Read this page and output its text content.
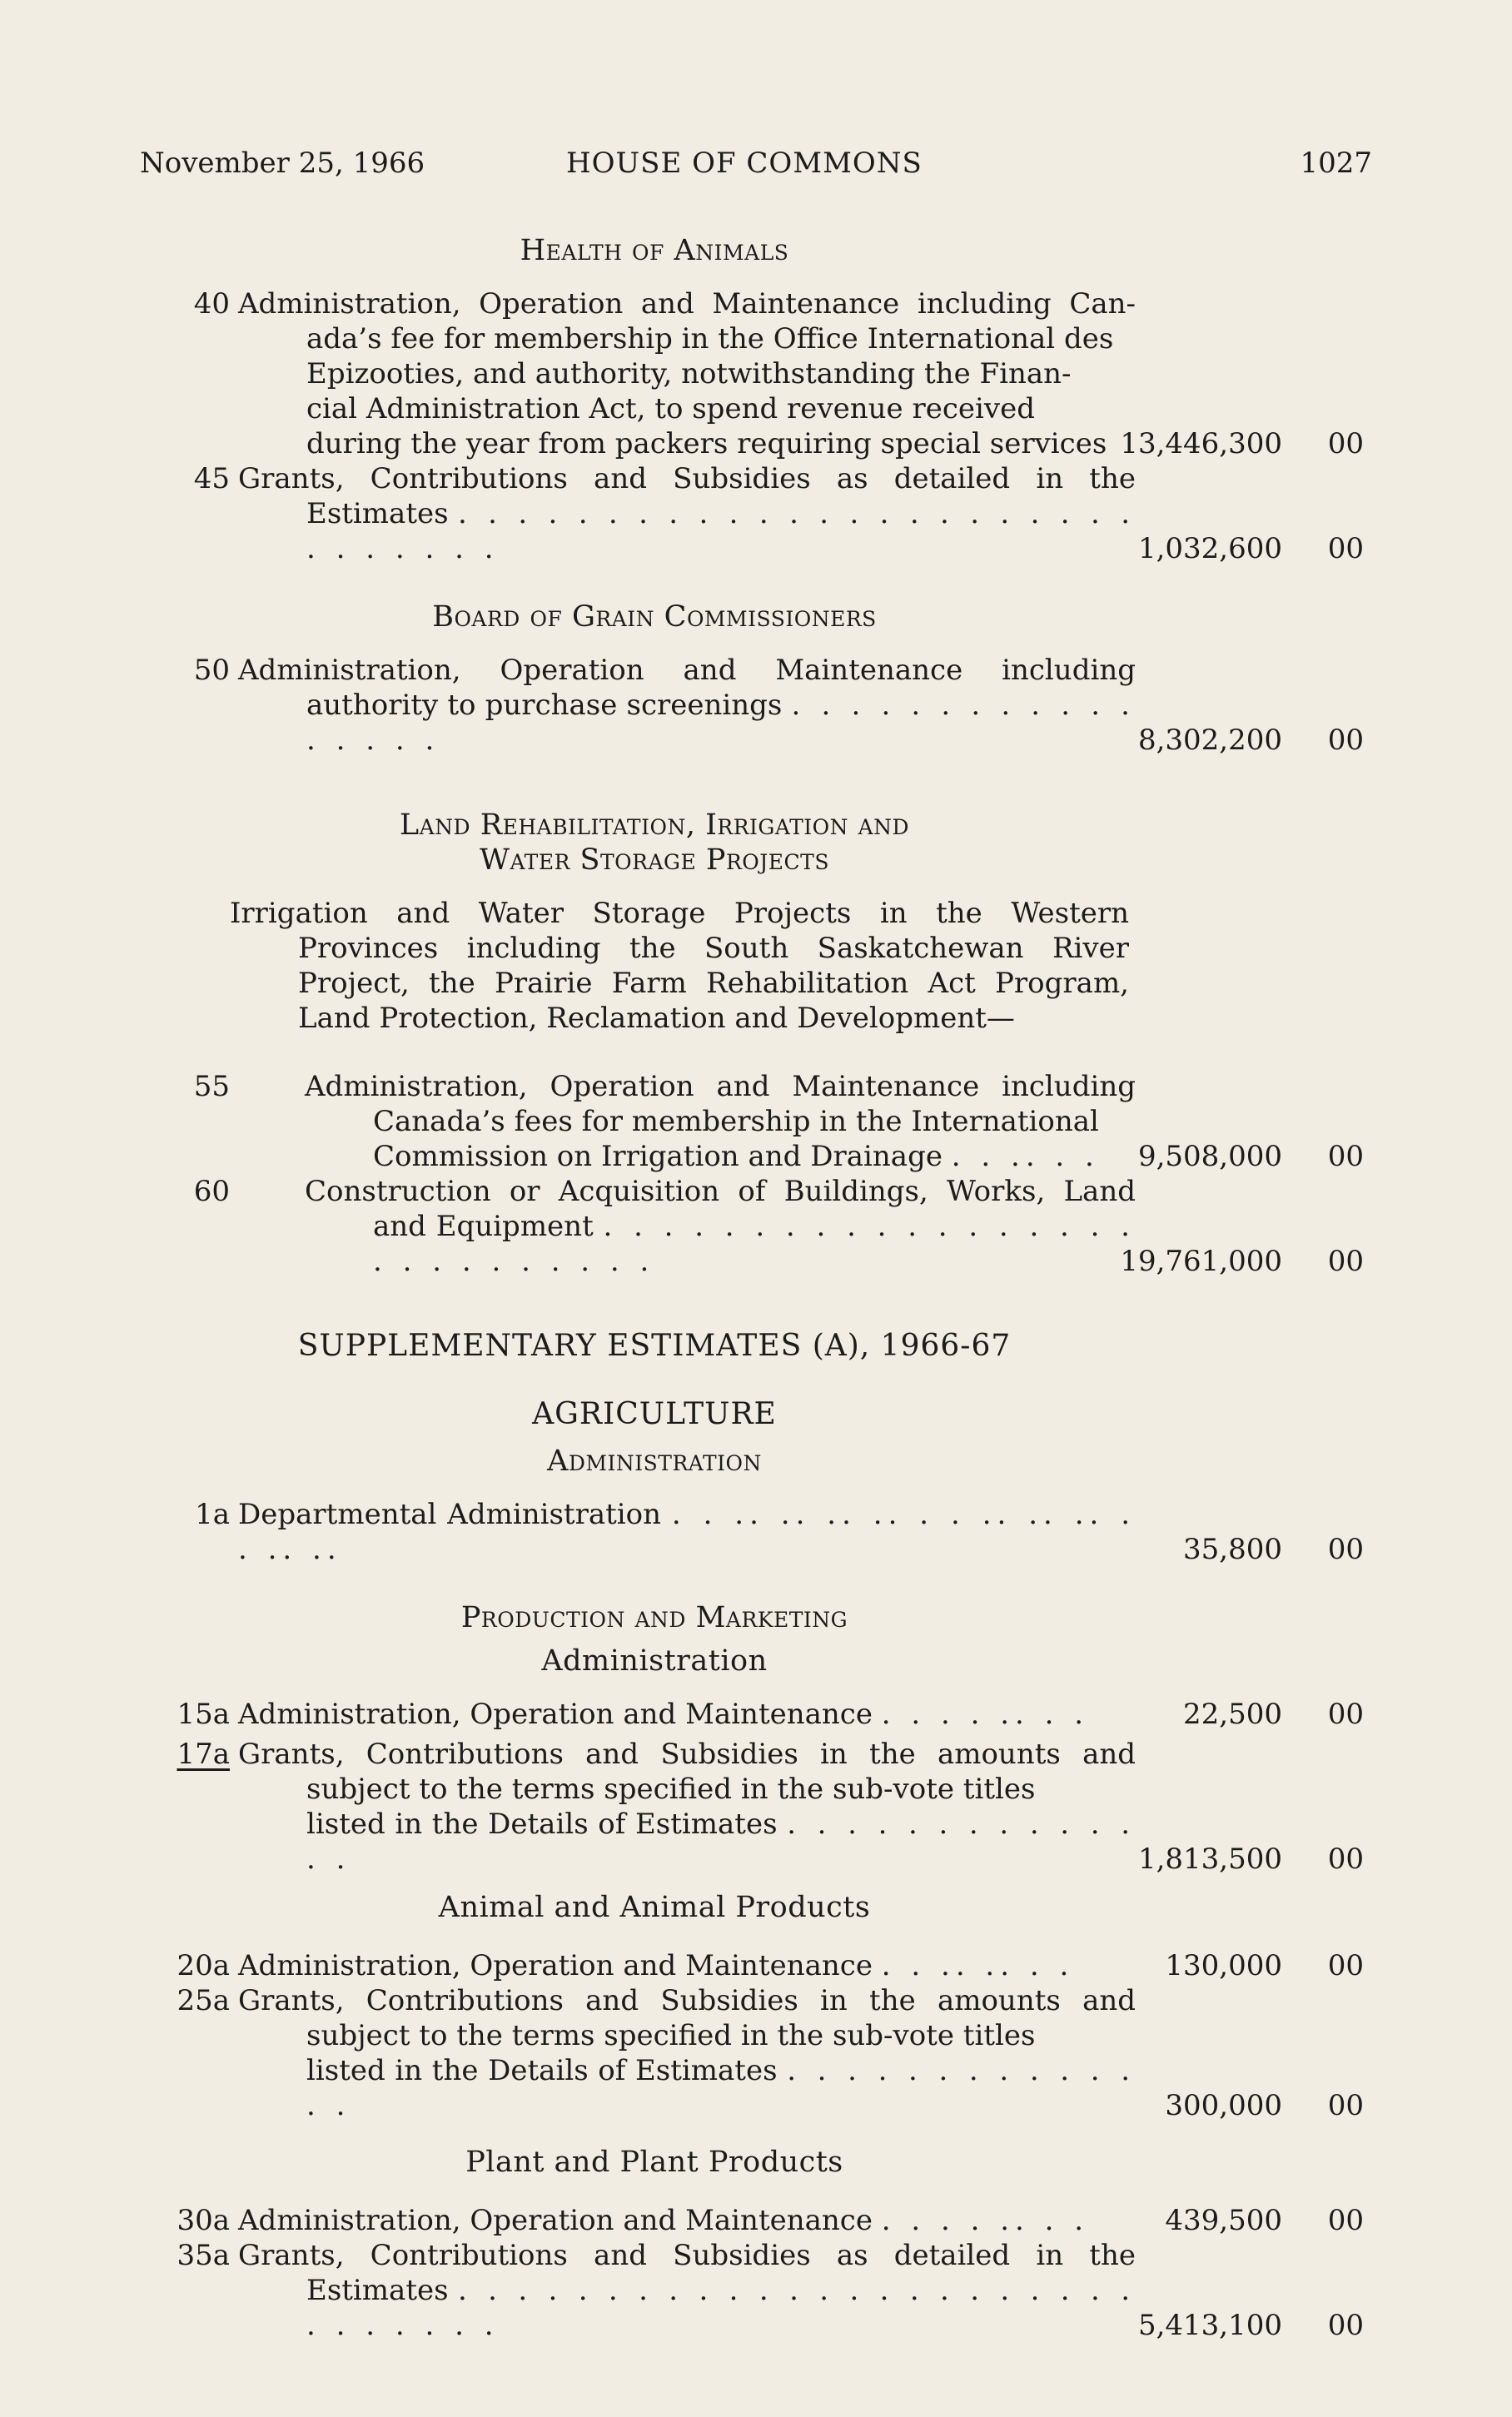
November 25, 1966	HOUSE OF COMMONS	1027
Health of Animals
40 Administration, Operation and Maintenance including Can-
ada’s fee for membership in the Office International des
Epizooties, and authority, notwithstanding the Finan-
cial Administration Act, to spend revenue received
during the year from packers requiring special services 13,446,300 00
45 Grants, Contributions and Subsidies as detailed in the
Estimates . . . . . . . . . . . . . . . . . . . . . . . . . . . . . .	1,032,600 00
Board of Grain Commissioners
50 Administration, Operation and Maintenance including
authority to purchase screenings . . . . . . . . . . . . . . . . .	8,302,200 00
Land Rehabilitation, Irrigation and
Water Storage Projects
Irrigation and Water Storage Projects in the Western
Provinces including the South Saskatchewan River
Project, the Prairie Farm Rehabilitation Act Program,
Land Protection, Reclamation and Development—
55	Administration, Operation and Maintenance including
Canada’s fees for membership in the International
Commission on Irrigation and Drainage . . .. . .	9,508,000 00
60	Construction or Acquisition of Buildings, Works, Land
and Equipment . . . . . . . . . . . . . . . . . . . . . . . . . . . .	19,761,000 00
SUPPLEMENTARY ESTIMATES (A), 1966-67
AGRICULTURE
Administration
1a Departmental Administration . . .. .. .. .. . . .. .. .. . . .. ..	35,800 00
Production and Marketing
Administration
15a Administration, Operation and Maintenance . . . . .. . .	22,500 00
17a Grants, Contributions and Subsidies in the amounts and
subject to the terms specified in the sub-vote titles
listed in the Details of Estimates . . . . . . . . . . . . . .	1,813,500 00
Animal and Animal Products
20a Administration, Operation and Maintenance . . .. .. . .	130,000 00
25a Grants, Contributions and Subsidies in the amounts and
subject to the terms specified in the sub-vote titles
listed in the Details of Estimates . . . . . . . . . . . . . .	300,000 00
Plant and Plant Products
30a Administration, Operation and Maintenance . . . . .. . .	439,500 00
35a Grants, Contributions and Subsidies as detailed in the
Estimates . . . . . . . . . . . . . . . . . . . . . . . . . . . . . .	5,413,100 00
